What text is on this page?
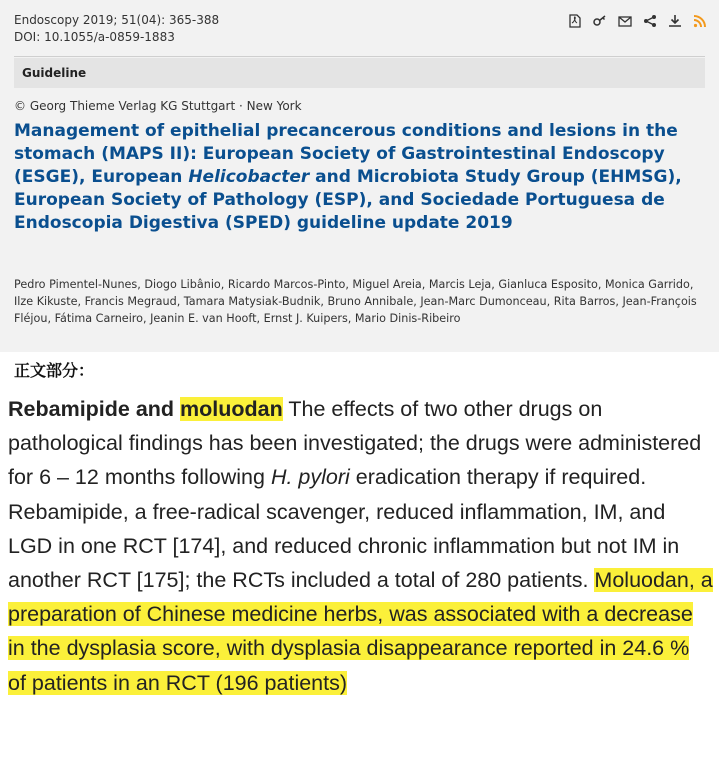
Endoscopy 2019; 51(04): 365-388
DOI: 10.1055/a-0859-1883
Guideline
© Georg Thieme Verlag KG Stuttgart · New York
Management of epithelial precancerous conditions and lesions in the stomach (MAPS II): European Society of Gastrointestinal Endoscopy (ESGE), European Helicobacter and Microbiota Study Group (EHMSG), European Society of Pathology (ESP), and Sociedade Portuguesa de Endoscopia Digestiva (SPED) guideline update 2019

Pedro Pimentel-Nunes, Diogo Libânio, Ricardo Marcos-Pinto, Miguel Areia, Marcis Leja, Gianluca Esposito, Monica Garrido, Ilze Kikuste, Francis Megraud, Tamara Matysiak-Budnik, Bruno Annibale, Jean-Marc Dumonceau, Rita Barros, Jean-François Fléjou, Fátima Carneiro, Jeanin E. van Hooft, Ernst J. Kuipers, Mario Dinis-Ribeiro

正文部分：

Rebamipide and moluodan The effects of two other drugs on pathological findings has been investigated; the drugs were administered for 6 – 12 months following H. pylori eradication therapy if required. Rebamipide, a free-radical scavenger, reduced inflammation, IM, and LGD in one RCT [174], and reduced chronic inflammation but not IM in another RCT [175]; the RCTs included a total of 280 patients. Moluodan, a preparation of Chinese medicine herbs, was associated with a decrease in the dysplasia score, with dysplasia disappearance reported in 24.6 % of patients in an RCT (196 patients)
